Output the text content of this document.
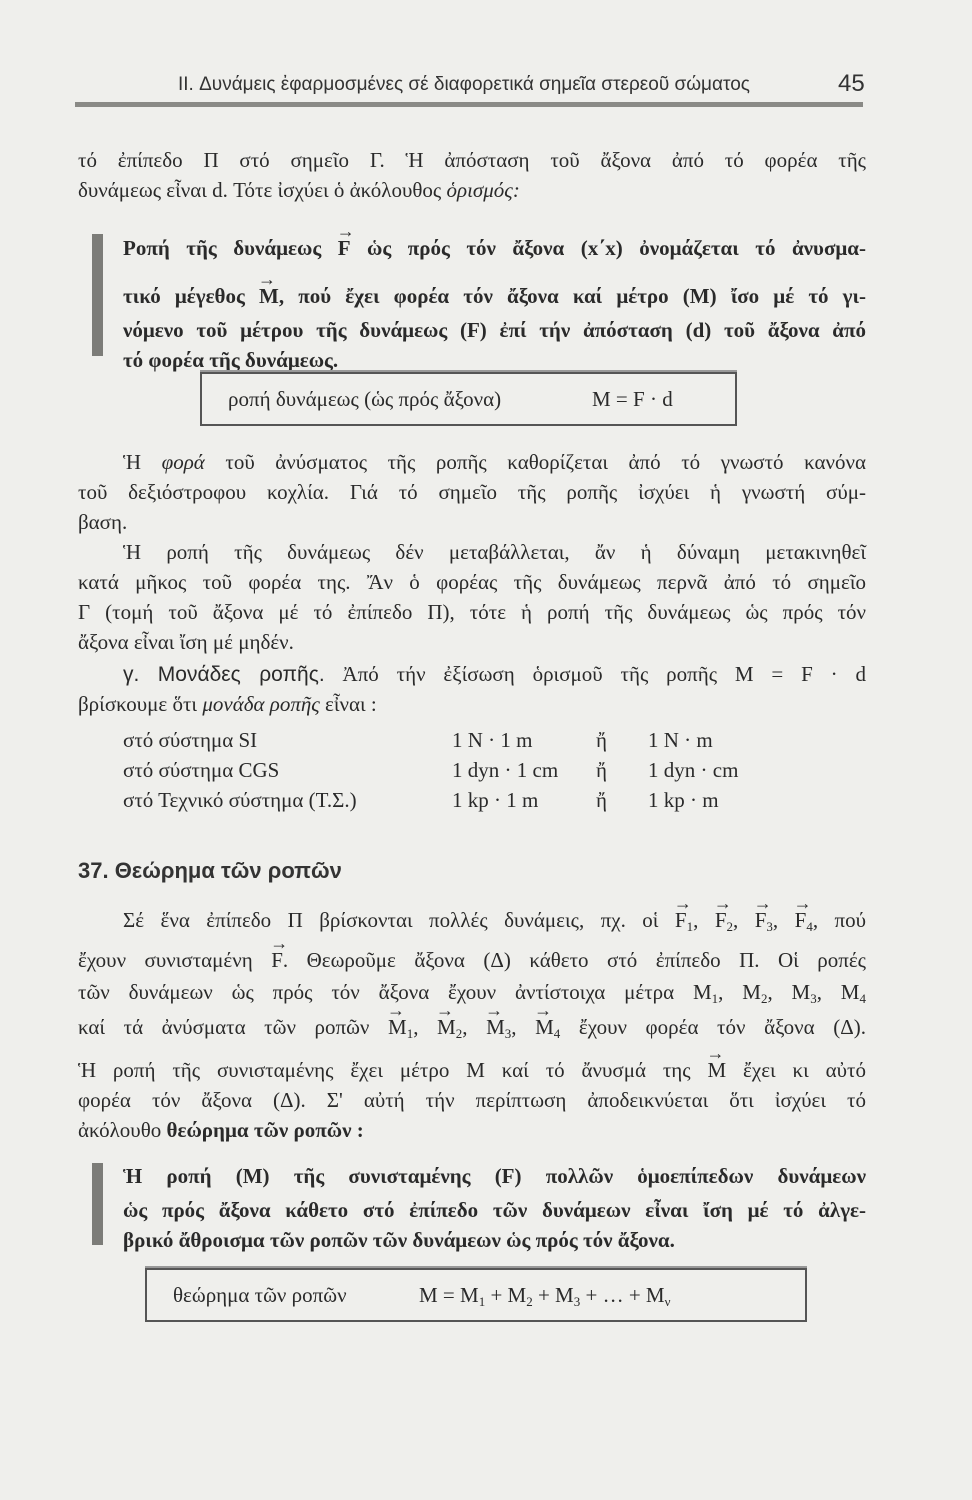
II. Δυνάμεις ἐφαρμοσμένες σέ διαφορετικά σημεῖα στερεοῦ σώματος	45
τό ἐπίπεδο Π στό σημεῖο Γ. Ἡ ἀπόσταση τοῦ ἄξονα ἀπό τό φορέα τῆς
δυνάμεως εἶναι d. Τότε ἰσχύει ὁ ἀκόλουθος ὁρισμός:
Ροπή τῆς δυνάμεως → F ὡς πρός τόν ἄξονα (x΄x) ὀνομάζεται τό ἀνυσμα-
τικό μέγεθος → M, πού ἔχει φορέα τόν ἄξονα καί μέτρο (M) ἴσο μέ τό γι-
νόμενο τοῦ μέτρου τῆς δυνάμεως (F) ἐπί τήν ἀπόσταση (d) τοῦ ἄξονα ἀπό
τό φορέα τῆς δυνάμεως.
Ἡ φορά τοῦ ἀνύσματος τῆς ροπῆς καθορίζεται ἀπό τό γνωστό κανόνα
τοῦ δεξιόστροφου κοχλία. Γιά τό σημεῖο τῆς ροπῆς ἰσχύει ἡ γνωστή σύμ-
βαση.
Ἡ ροπή τῆς δυνάμεως δέν μεταβάλλεται, ἄν ἡ δύναμη μετακινηθεῖ
κατά μῆκος τοῦ φορέα της. Ἄν ὁ φορέας τῆς δυνάμεως περνᾶ ἀπό τό σημεῖο
Γ (τομή τοῦ ἄξονα μέ τό ἐπίπεδο Π), τότε ἡ ροπή τῆς δυνάμεως ὡς πρός τόν
ἄξονα εἶναι ἴση μέ μηδέν.
γ. Μονάδες ροπῆς. Ἀπό τήν ἐξίσωση ὁρισμοῦ τῆς ροπῆς M = F · d
βρίσκουμε ὅτι μονάδα ροπῆς εἶναι :
Σέ ἕνα ἐπίπεδο Π βρίσκονται πολλές δυνάμεις, πχ. οἱ → $F_1$, → $F_2$, → $F_3$, → $F_4$, πού
ἔχουν συνισταμένη → F. Θεωροῦμε ἄξονα (Δ) κάθετο στό ἐπίπεδο Π. Οἱ ροπές
τῶν δυνάμεων ὡς πρός τόν ἄξονα ἔχουν ἀντίστοιχα μέτρα $M_1$, $M_2$, $M_3$, $M_4$
καί τά ἀνύσματα τῶν ροπῶν → $M_1$, → $M_2$, → $M_3$, → $M_4$ ἔχουν φορέα τόν ἄξονα (Δ).
Ἡ ροπή τῆς συνισταμένης ἔχει μέτρο M καί τό ἄνυσμά της → M ἔχει κι αὐτό
φορέα τόν ἄξονα (Δ). Σ' αὐτή τήν περίπτωση ἀποδεικνύεται ὅτι ἰσχύει τό
ἀκόλουθο θεώρημα τῶν ροπῶν :
Ἡ ροπή (M) τῆς συνισταμένης (F) πολλῶν ὁμοεπίπεδων δυνάμεων
ὡς πρός ἄξονα κάθετο στό ἐπίπεδο τῶν δυνάμεων εἶναι ἴση μέ τό ἀλγε-
βρικό ἄθροισμα τῶν ροπῶν τῶν δυνάμεων ὡς πρός τόν ἄξονα.
ροπή δυνάμεως (ὡς πρός ἄξονα)	M = F · d
στό σύστημα SI	1 N · 1 m	ἤ 1 N · m
στό σύστημα CGS	1 dyn · 1 cm ἤ 1 dyn · cm
στό Τεχνικό σύστημα (Τ.Σ.)	1 kp · 1 m	ἤ 1 kp · m
37. Θεώρημα τῶν ροπῶν
θεώρημα τῶν ροπῶν	$M = M_1 + M_2 + M_3$ + … + $M_\nu$
